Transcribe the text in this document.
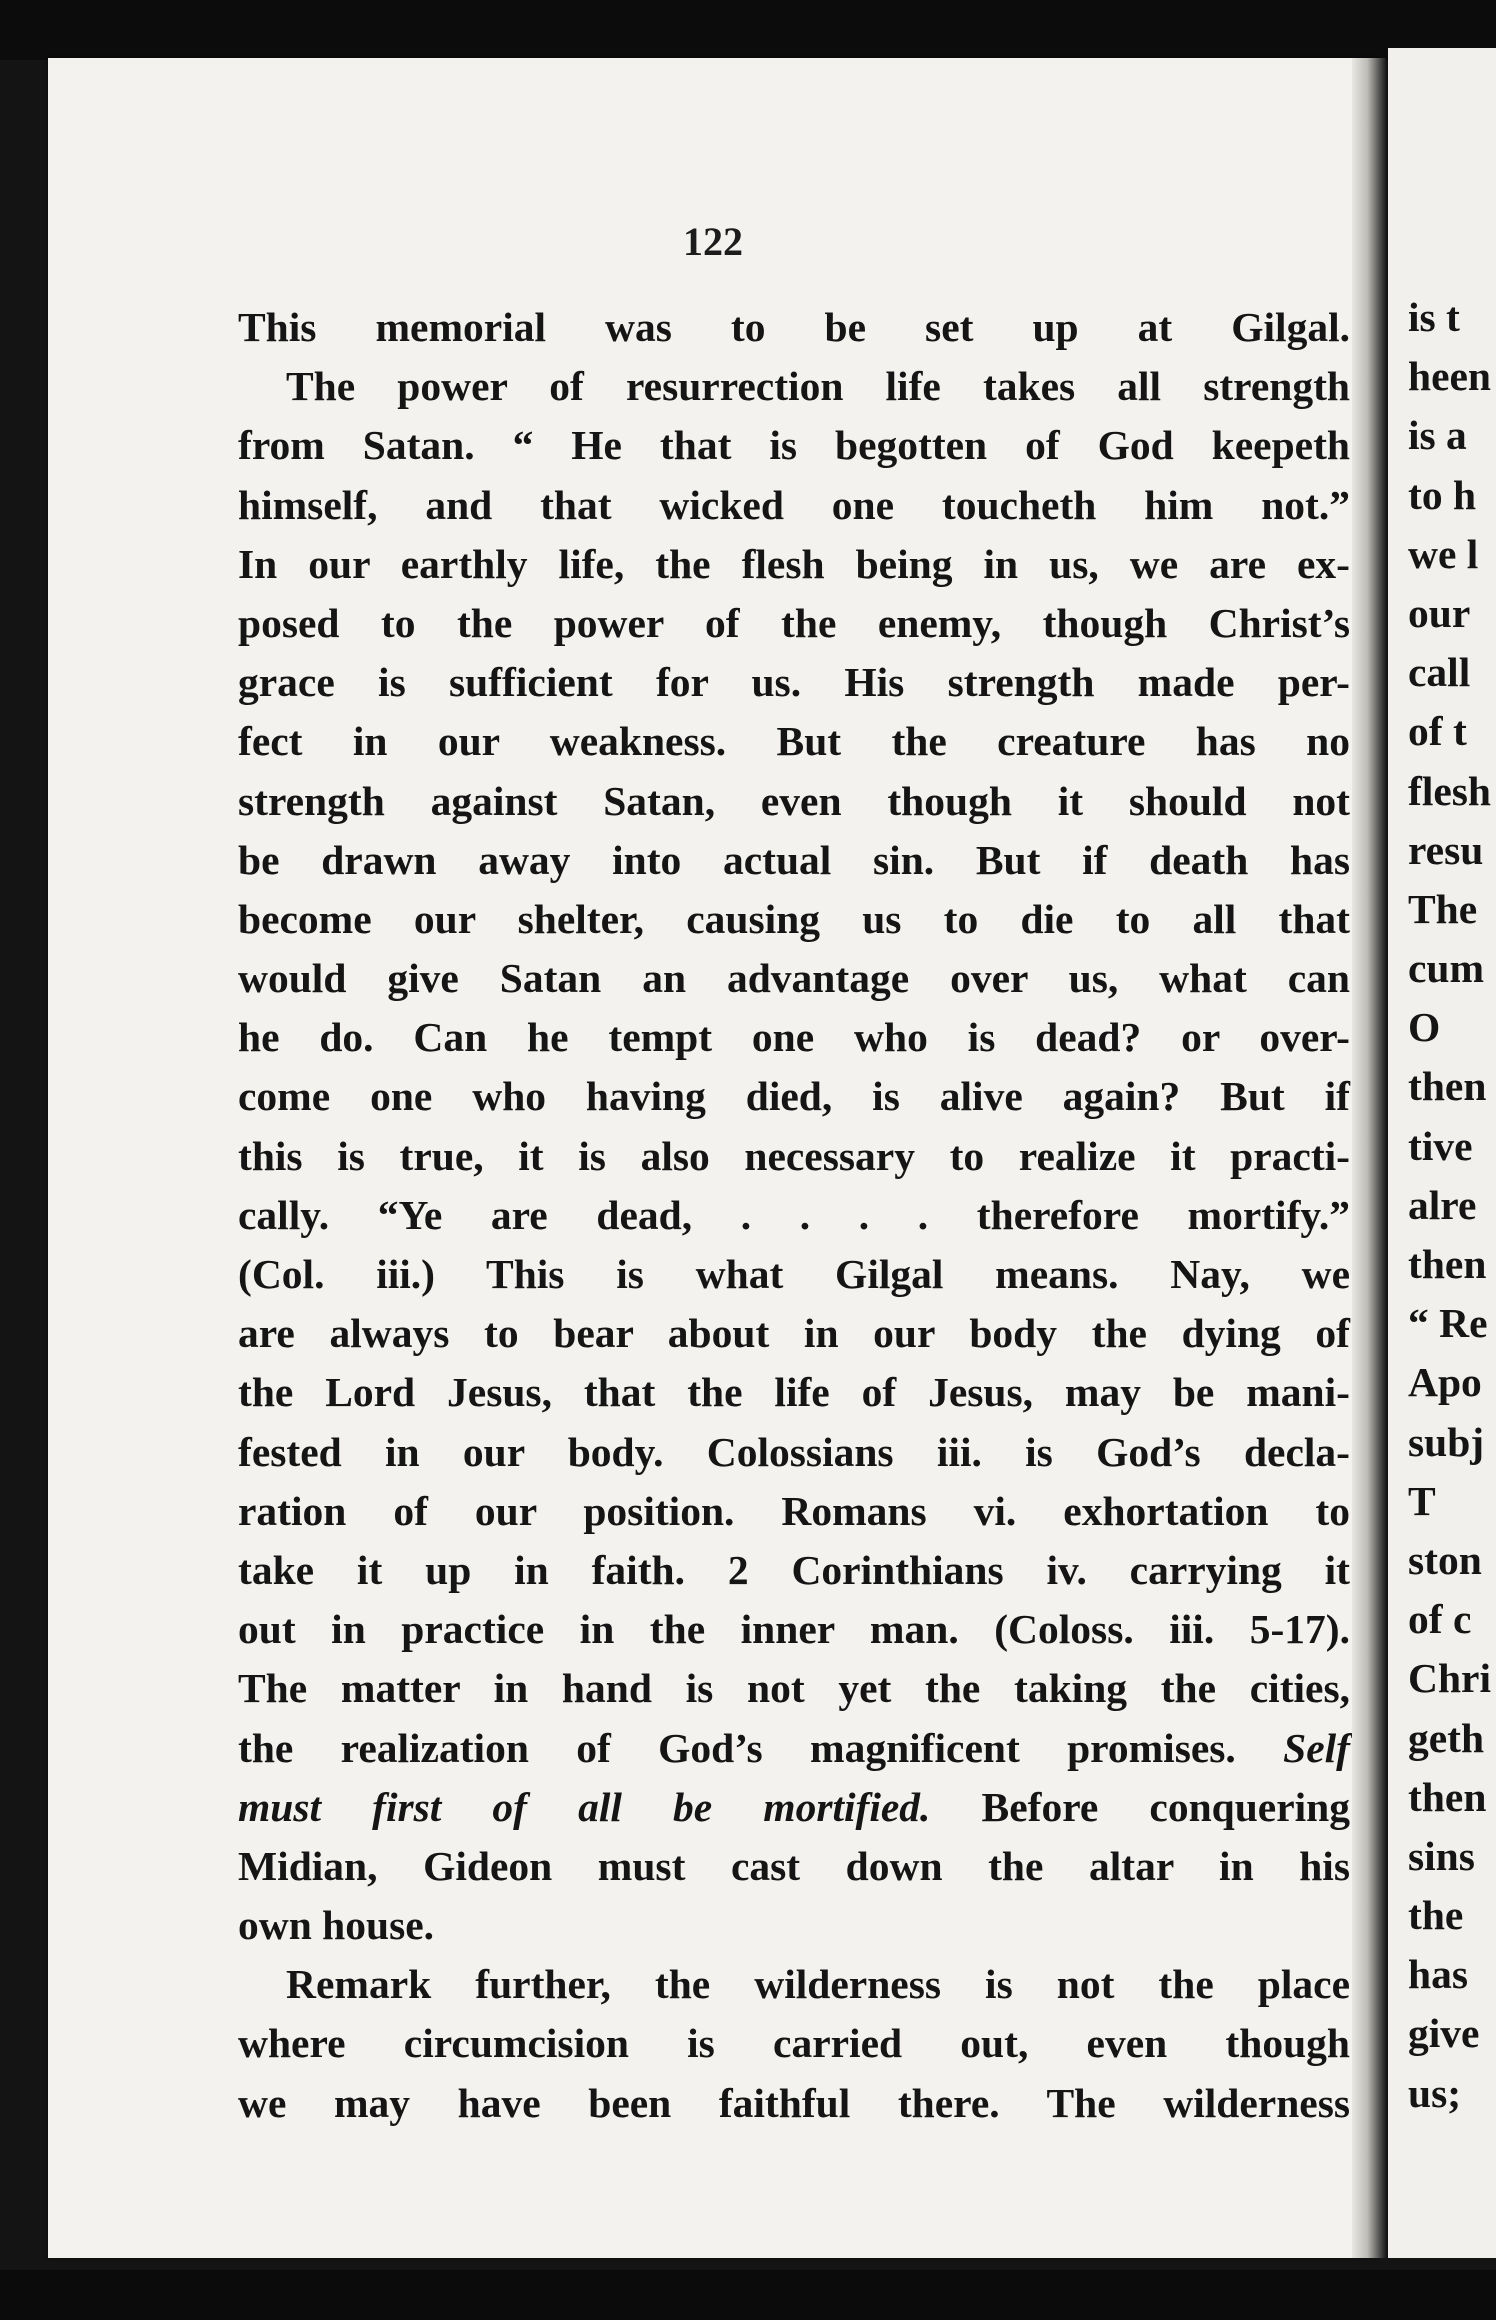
122
This memorial was to be set up at Gilgal.
The power of resurrection life takes all strength
from Satan. “ He that is begotten of God keepeth
himself, and that wicked one toucheth him not.”
In our earthly life, the flesh being in us, we are ex-
posed to the power of the enemy, though Christ’s
grace is sufficient for us. His strength made per-
fect in our weakness. But the creature has no
strength against Satan, even though it should not
be drawn away into actual sin. But if death has
become our shelter, causing us to die to all that
would give Satan an advantage over us, what can
he do. Can he tempt one who is dead? or over-
come one who having died, is alive again? But if
this is true, it is also necessary to realize it practi-
cally. “Ye are dead, . . . . therefore mortify.”
(Col. iii.) This is what Gilgal means. Nay, we
are always to bear about in our body the dying of
the Lord Jesus, that the life of Jesus, may be mani-
fested in our body. Colossians iii. is God’s decla-
ration of our position. Romans vi. exhortation to
take it up in faith. 2 Corinthians iv. carrying it
out in practice in the inner man. (Coloss. iii. 5-17).
The matter in hand is not yet the taking the cities,
the realization of God’s magnificent promises. Self
must first of all be mortified. Before conquering
Midian, Gideon must cast down the altar in his
own house.
Remark further, the wilderness is not the place
where circumcision is carried out, even though
we may have been faithful there. The wilderness
is t
heen
is a
to h
we l
our
call
of t
flesh
resu
The
cum
O
then
tive
alre
then
“ Re
Apo
subj
T
ston
of c
Chri
geth
then
sins
the
has
give
us;
